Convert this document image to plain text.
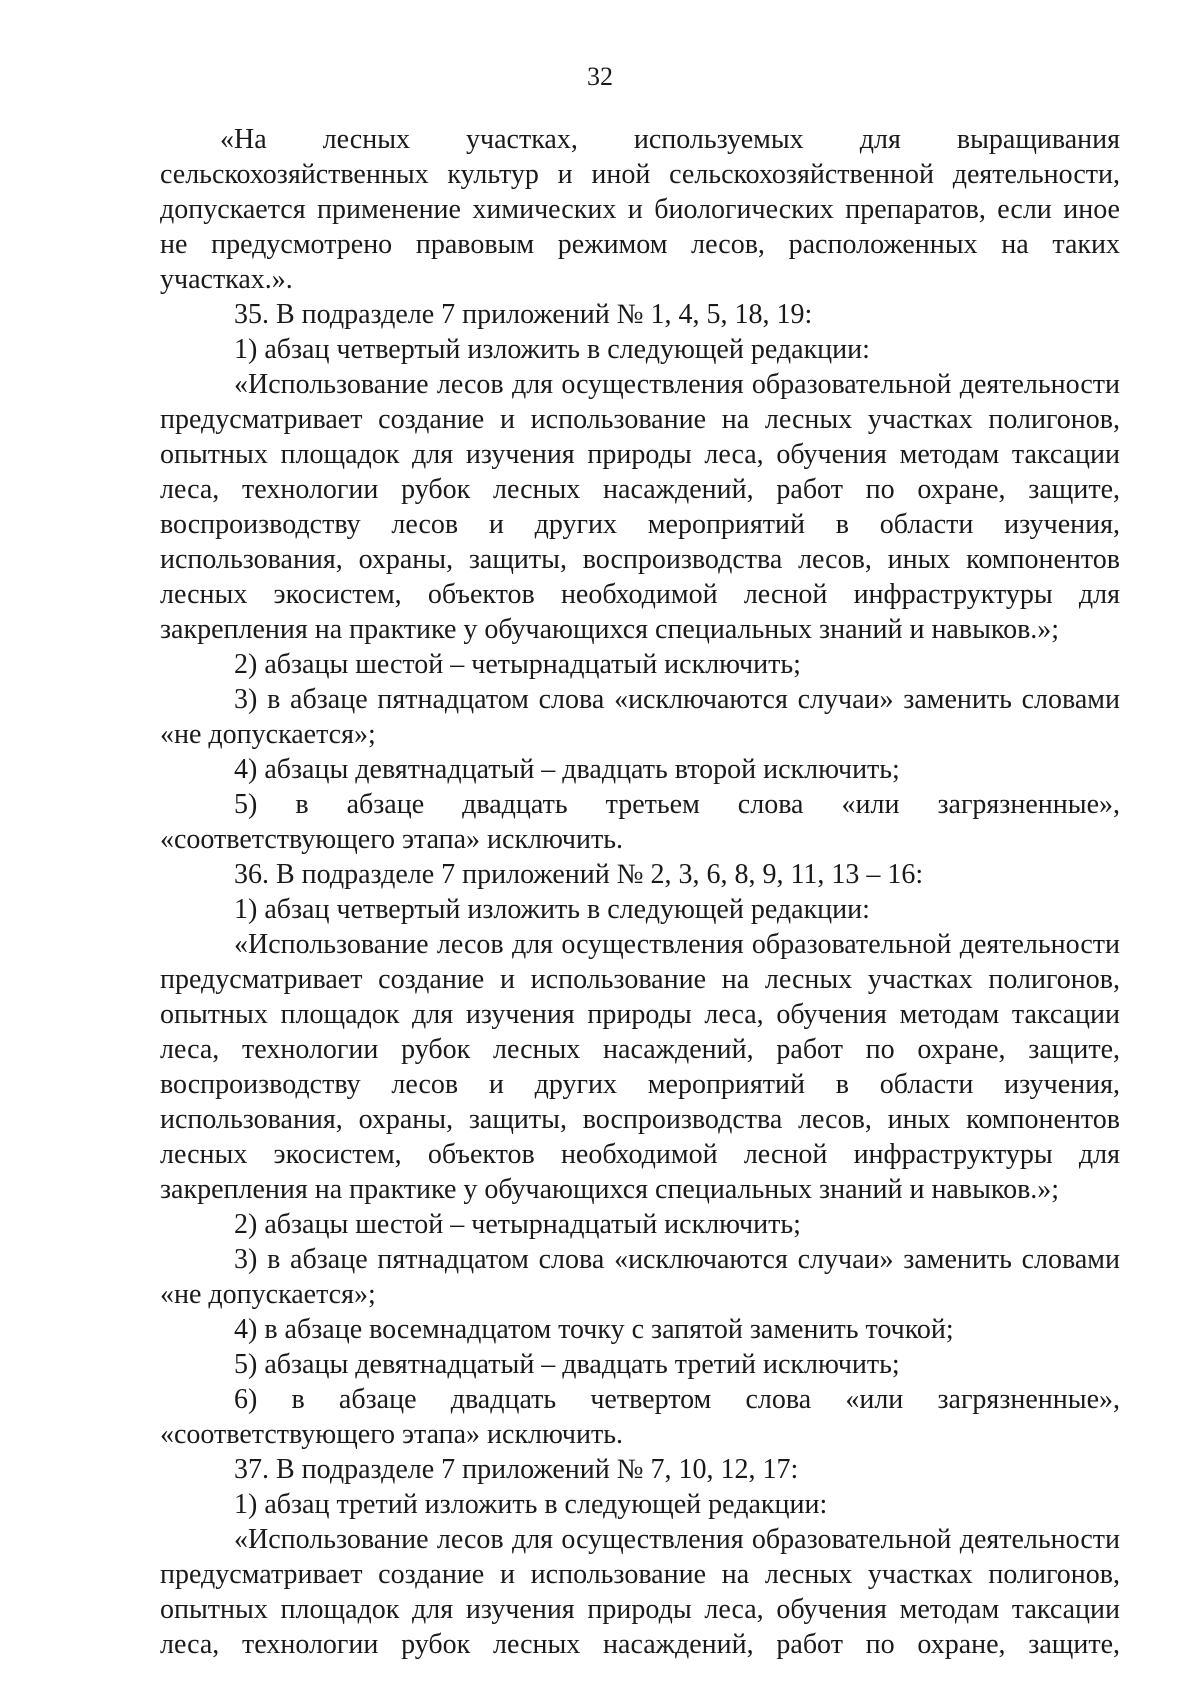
32

«На лесных участках, используемых для выращивания сельскохозяйственных культур и иной сельскохозяйственной деятельности, допускается применение химических и биологических препаратов, если иное не предусмотрено правовым режимом лесов, расположенных на таких участках.».

35. В подразделе 7 приложений № 1, 4, 5, 18, 19:

1) абзац четвертый изложить в следующей редакции:

«Использование лесов для осуществления образовательной деятельности предусматривает создание и использование на лесных участках полигонов, опытных площадок для изучения природы леса, обучения методам таксации леса, технологии рубок лесных насаждений, работ по охране, защите, воспроизводству лесов и других мероприятий в области изучения, использования, охраны, защиты, воспроизводства лесов, иных компонентов лесных экосистем, объектов необходимой лесной инфраструктуры для закрепления на практике у обучающихся специальных знаний и навыков.»;

2) абзацы шестой – четырнадцатый исключить;

3) в абзаце пятнадцатом слова «исключаются случаи» заменить словами «не допускается»;

4) абзацы девятнадцатый – двадцать второй исключить;

5) в абзаце двадцать третьем слова «или загрязненные», «соответствующего этапа» исключить.

36. В подразделе 7 приложений № 2, 3, 6, 8, 9, 11, 13 – 16:

1) абзац четвертый изложить в следующей редакции:

«Использование лесов для осуществления образовательной деятельности предусматривает создание и использование на лесных участках полигонов, опытных площадок для изучения природы леса, обучения методам таксации леса, технологии рубок лесных насаждений, работ по охране, защите, воспроизводству лесов и других мероприятий в области изучения, использования, охраны, защиты, воспроизводства лесов, иных компонентов лесных экосистем, объектов необходимой лесной инфраструктуры для закрепления на практике у обучающихся специальных знаний и навыков.»;

2) абзацы шестой – четырнадцатый исключить;

3) в абзаце пятнадцатом слова «исключаются случаи» заменить словами «не допускается»;

4) в абзаце восемнадцатом точку с запятой заменить точкой;

5) абзацы девятнадцатый – двадцать третий исключить;

6) в абзаце двадцать четвертом слова «или загрязненные», «соответствующего этапа» исключить.

37. В подразделе 7 приложений № 7, 10, 12, 17:

1) абзац третий изложить в следующей редакции:

«Использование лесов для осуществления образовательной деятельности предусматривает создание и использование на лесных участках полигонов, опытных площадок для изучения природы леса, обучения методам таксации леса, технологии рубок лесных насаждений, работ по охране, защите,
